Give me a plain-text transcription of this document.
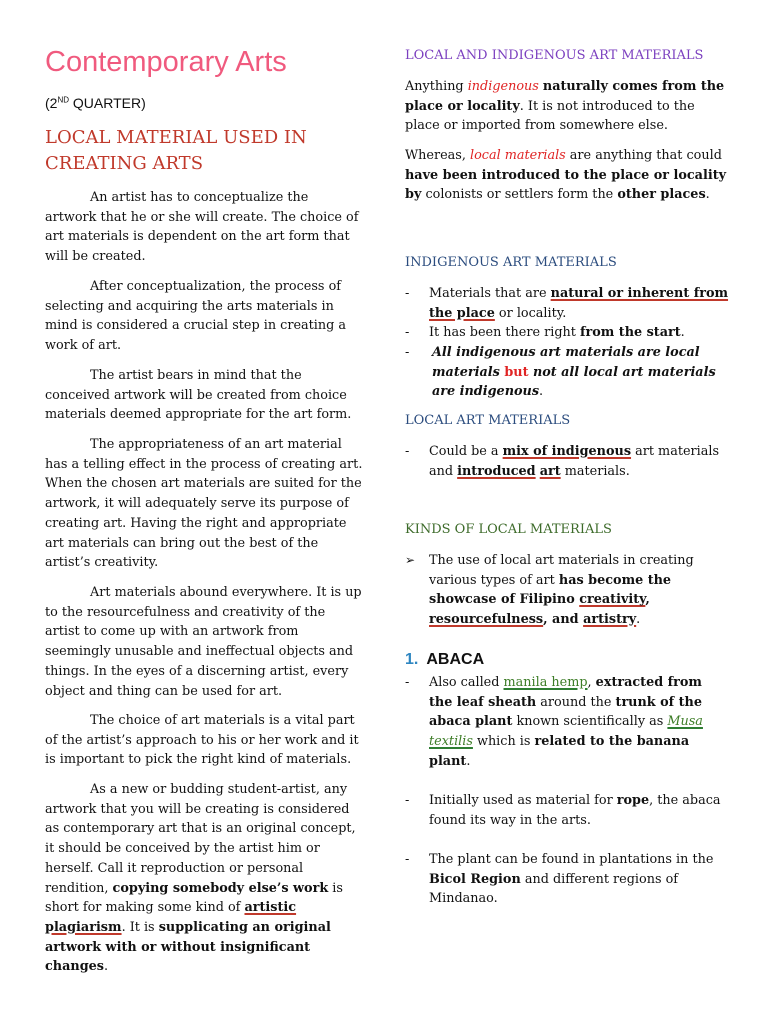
Contemporary Arts
(2ND QUARTER)
LOCAL MATERIAL USED IN CREATING ARTS

An artist has to conceptualize the artwork that he or she will create. The choice of art materials is dependent on the art form that will be created.

After conceptualization, the process of selecting and acquiring the arts materials in mind is considered a crucial step in creating a work of art.

The artist bears in mind that the conceived artwork will be created from choice materials deemed appropriate for the art form.

The appropriateness of an art material has a telling effect in the process of creating art. When the chosen art materials are suited for the artwork, it will adequately serve its purpose of creating art. Having the right and appropriate art materials can bring out the best of the artist’s creativity.

Art materials abound everywhere. It is up to the resourcefulness and creativity of the artist to come up with an artwork from seemingly unusable and ineffectual objects and things. In the eyes of a discerning artist, every object and thing can be used for art.

The choice of art materials is a vital part of the artist’s approach to his or her work and it is important to pick the right kind of materials.

As a new or budding student-artist, any artwork that you will be creating is considered as contemporary art that is an original concept, it should be conceived by the artist him or herself. Call it reproduction or personal rendition, copying somebody else’s work is short for making some kind of artistic plagiarism. It is supplicating an original artwork with or without insignificant changes.

LOCAL AND INDIGENOUS ART MATERIALS

Anything indigenous naturally comes from the place or locality. It is not introduced to the place or imported from somewhere else.

Whereas, local materials are anything that could have been introduced to the place or locality by colonists or settlers form the other places.

INDIGENOUS ART MATERIALS
-	Materials that are natural or inherent from the place or locality.
-	It has been there right from the start.
-	All indigenous art materials are local materials but not all local art materials are indigenous.
LOCAL ART MATERIALS
-	Could be a mix of indigenous art materials and introduced art materials.
KINDS OF LOCAL MATERIALS
➢ The use of local art materials in creating various types of art has become the showcase of Filipino creativity, resourcefulness, and artistry.
1. ABACA
-	Also called manila hemp, extracted from the leaf sheath around the trunk of the abaca plant known scientifically as Musa textilis which is related to the banana plant.
-	Initially used as material for rope, the abaca found its way in the arts.
-	The plant can be found in plantations in the Bicol Region and different regions of Mindanao.
